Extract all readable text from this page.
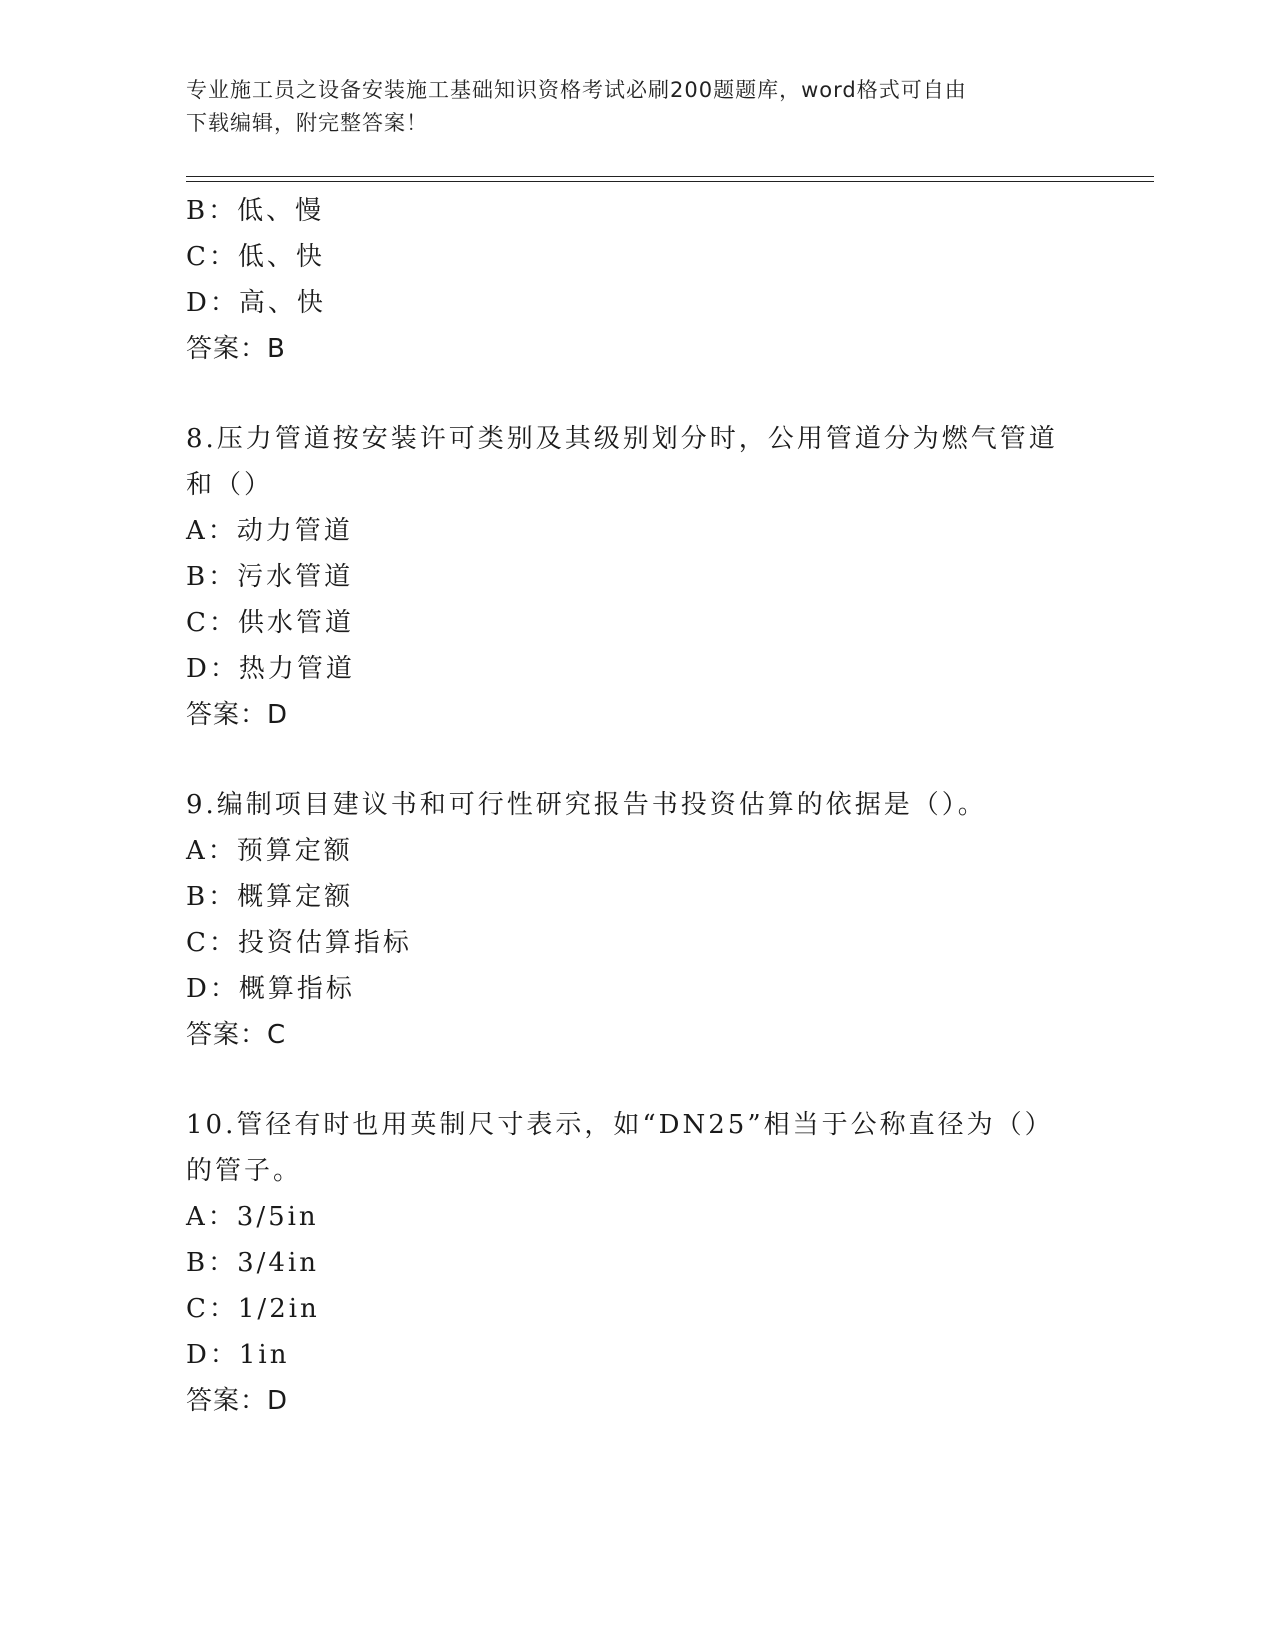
专业施工员之设备安装施工基础知识资格考试必刷200题题库，word格式可自由
下载编辑，附完整答案！
B：低、慢
C：低、快
D：高、快
答案：B
8.压力管道按安装许可类别及其级别划分时，公用管道分为燃气管道
和（）
A：动力管道
B：污水管道
C：供水管道
D：热力管道
答案：D
9.编制项目建议书和可行性研究报告书投资估算的依据是（）。
A：预算定额
B：概算定额
C：投资估算指标
D：概算指标
答案：C
10.管径有时也用英制尺寸表示，如“DN25”相当于公称直径为（）
的管子。
A：3/5in
B：3/4in
C：1/2in
D：1in
答案：D
